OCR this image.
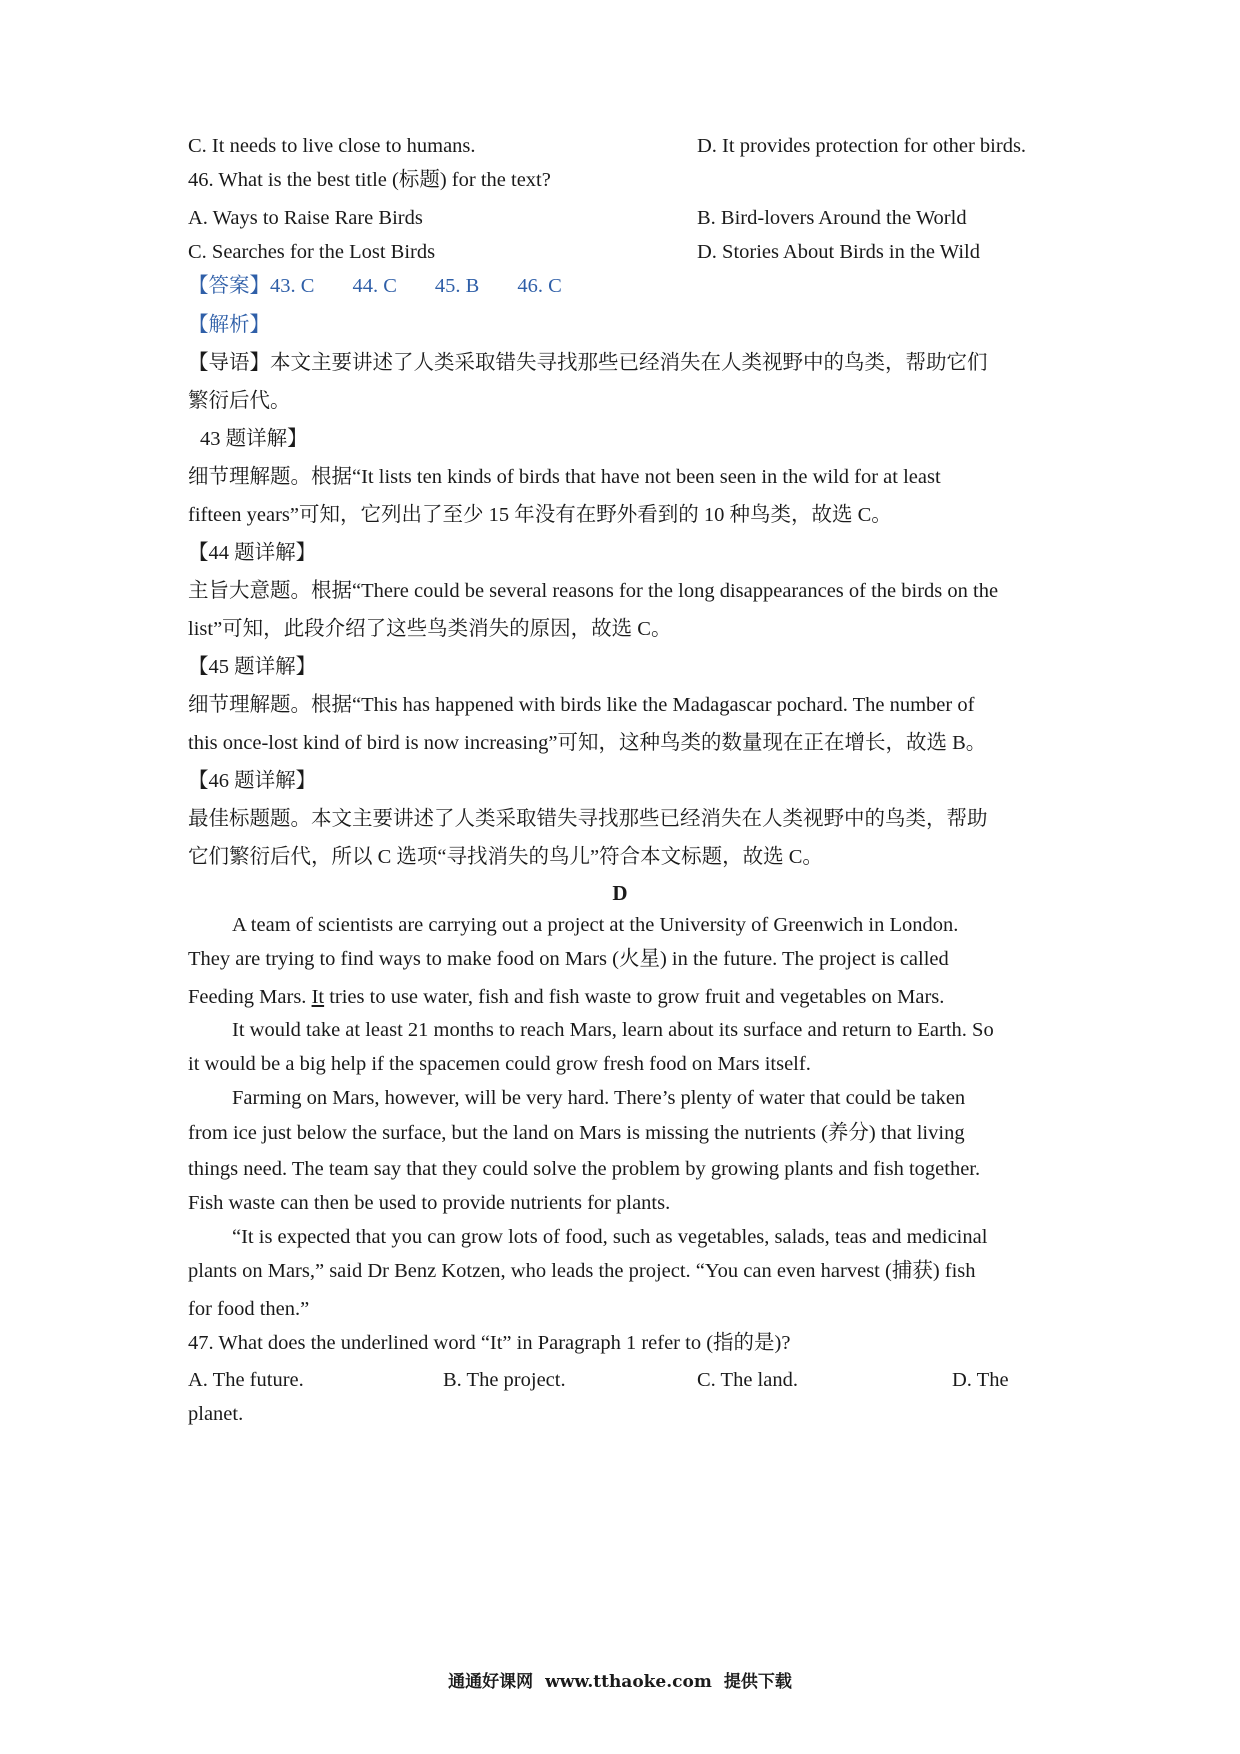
C. It needs to live close to humans.	D. It provides protection for other birds.
46. What is the best title (标题) for the text?
A. Ways to Raise Rare Birds	B. Bird-lovers Around the World
C. Searches for the Lost Birds	D. Stories About Birds in the Wild
【答案】43. C 44. C 45. B 46. C
【解析】
【导语】本文主要讲述了人类采取错失寻找那些已经消失在人类视野中的鸟类，帮助它们
繁衍后代。
43 题详解】
细节理解题。根据“It lists ten kinds of birds that have not been seen in the wild for at least
fifteen years”可知，它列出了至少 15 年没有在野外看到的 10 种鸟类，故选 C。
【44 题详解】
主旨大意题。根据“There could be several reasons for the long disappearances of the birds on the
list”可知，此段介绍了这些鸟类消失的原因，故选 C。
【45 题详解】
细节理解题。根据“This has happened with birds like the Madagascar pochard. The number of
this once-lost kind of bird is now increasing”可知，这种鸟类的数量现在正在增长，故选 B。
【46 题详解】
最佳标题题。本文主要讲述了人类采取错失寻找那些已经消失在人类视野中的鸟类，帮助
它们繁衍后代，所以 C 选项“寻找消失的鸟儿”符合本文标题，故选 C。
D
A team of scientists are carrying out a project at the University of Greenwich in London.
They are trying to find ways to make food on Mars (火星) in the future. The project is called
Feeding Mars. It tries to use water, fish and fish waste to grow fruit and vegetables on Mars.
It would take at least 21 months to reach Mars, learn about its surface and return to Earth. So
it would be a big help if the spacemen could grow fresh food on Mars itself.
Farming on Mars, however, will be very hard. There’s plenty of water that could be taken
from ice just below the surface, but the land on Mars is missing the nutrients (养分) that living
things need. The team say that they could solve the problem by growing plants and fish together.
Fish waste can then be used to provide nutrients for plants.
“It is expected that you can grow lots of food, such as vegetables, salads, teas and medicinal
plants on Mars,” said Dr Benz Kotzen, who leads the project. “You can even harvest (捕获) fish
for food then.”
47. What does the underlined word “It” in Paragraph 1 refer to (指的是)?
A. The future.	B. The project.	C. The land.	D. The
planet.
通通好课网 www.tthaoke.com 提供下载
